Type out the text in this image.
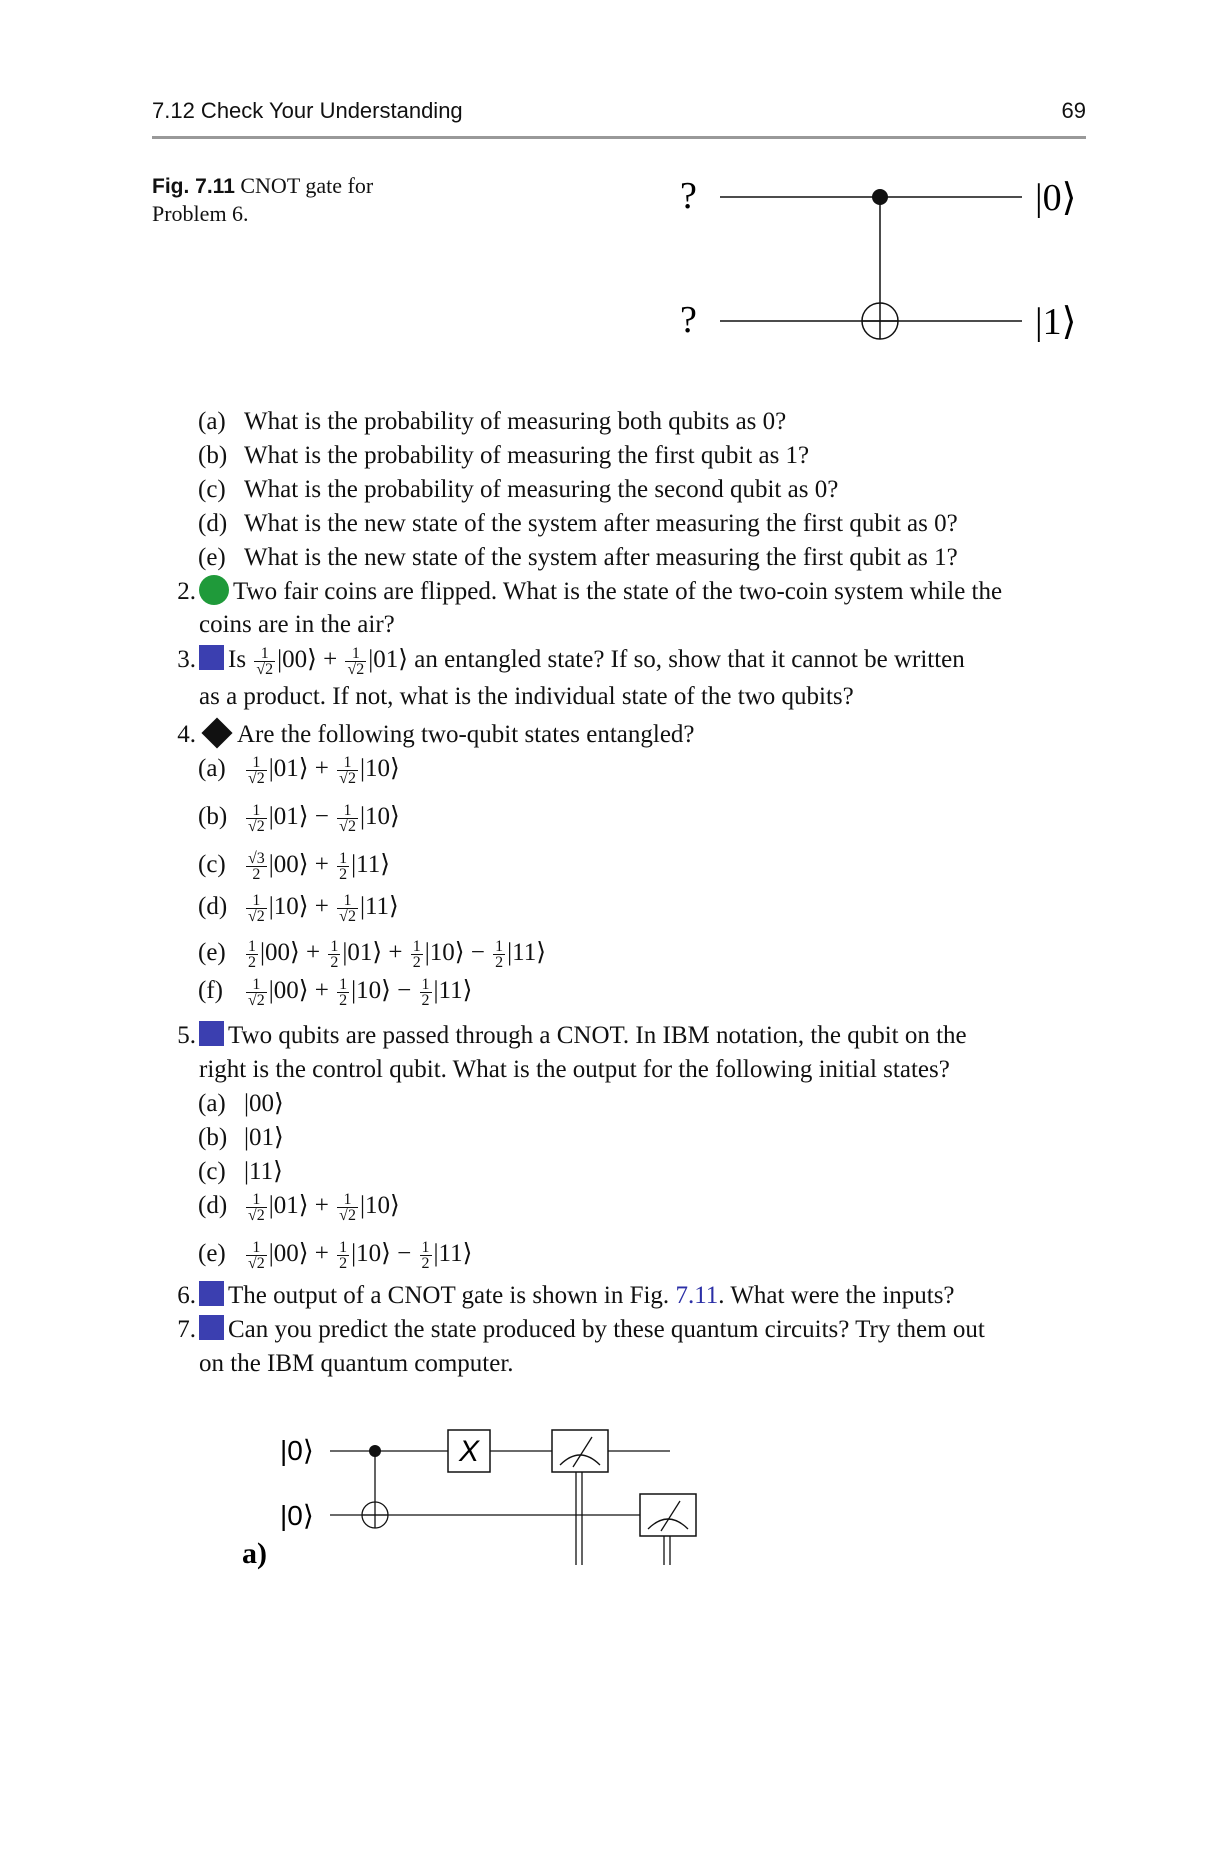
7.12 Check Your Understanding	69
Fig. 7.11 CNOT gate for
Problem 6.	?
?
|0⟩
|1⟩
(a) What is the probability of measuring both qubits as 0?
(b) What is the probability of measuring the first qubit as 1?
(c) What is the probability of measuring the second qubit as 0?
(d) What is the new state of the system after measuring the first qubit as 0?
(e) What is the new state of the system after measuring the first qubit as 1?
2. Two fair coins are flipped. What is the state of the two-coin system while the
coins are in the air?
3. Is $\frac{1}{√2}$ |00⟩ + $\frac{1}{√2}$ |01⟩ an entangled state? If so, show that it cannot be written
as a product. If not, what is the individual state of the two qubits?
4. Are the following two-qubit states entangled?
$(a) \frac{1}{√2}$ |01⟩ + $\frac{1}{√2}$ |10⟩
$(b) \frac{1}{√2}$ |01⟩ − $\frac{1}{√2}$ |10⟩
$(c) \frac{√3}{2}$ |00⟩ + $\frac{1}{2}$ |11⟩
$(d) \frac{1}{√2}$ |10⟩ + $\frac{1}{√2}$ |11⟩
$(e) \frac{1}{2}$ |00⟩ + $\frac{1}{2}$ |01⟩ + $\frac{1}{2}$ |10⟩ − $\frac{1}{2}$ |11⟩
$(f) \frac{1}{√2}$ |00⟩ + $\frac{1}{2}$ |10⟩ − $\frac{1}{2}$ |11⟩
5. Two qubits are passed through a CNOT. In IBM notation, the qubit on the
right is the control qubit. What is the output for the following initial states?
(a) |00⟩
(b) |01⟩
(c) |11⟩
$(d) \frac{1}{√2}$ |01⟩ + $\frac{1}{√2}$ |10⟩
$(e) \frac{1}{√2}$ |00⟩ + $\frac{1}{2}$ |10⟩ − $\frac{1}{2}$ |11⟩
6. The output of a CNOT gate is shown in Fig. 7.11. What were the inputs?
7. Can you predict the state produced by these quantum circuits? Try them out
on the IBM quantum computer.
|0⟩
|0⟩
X
a)
